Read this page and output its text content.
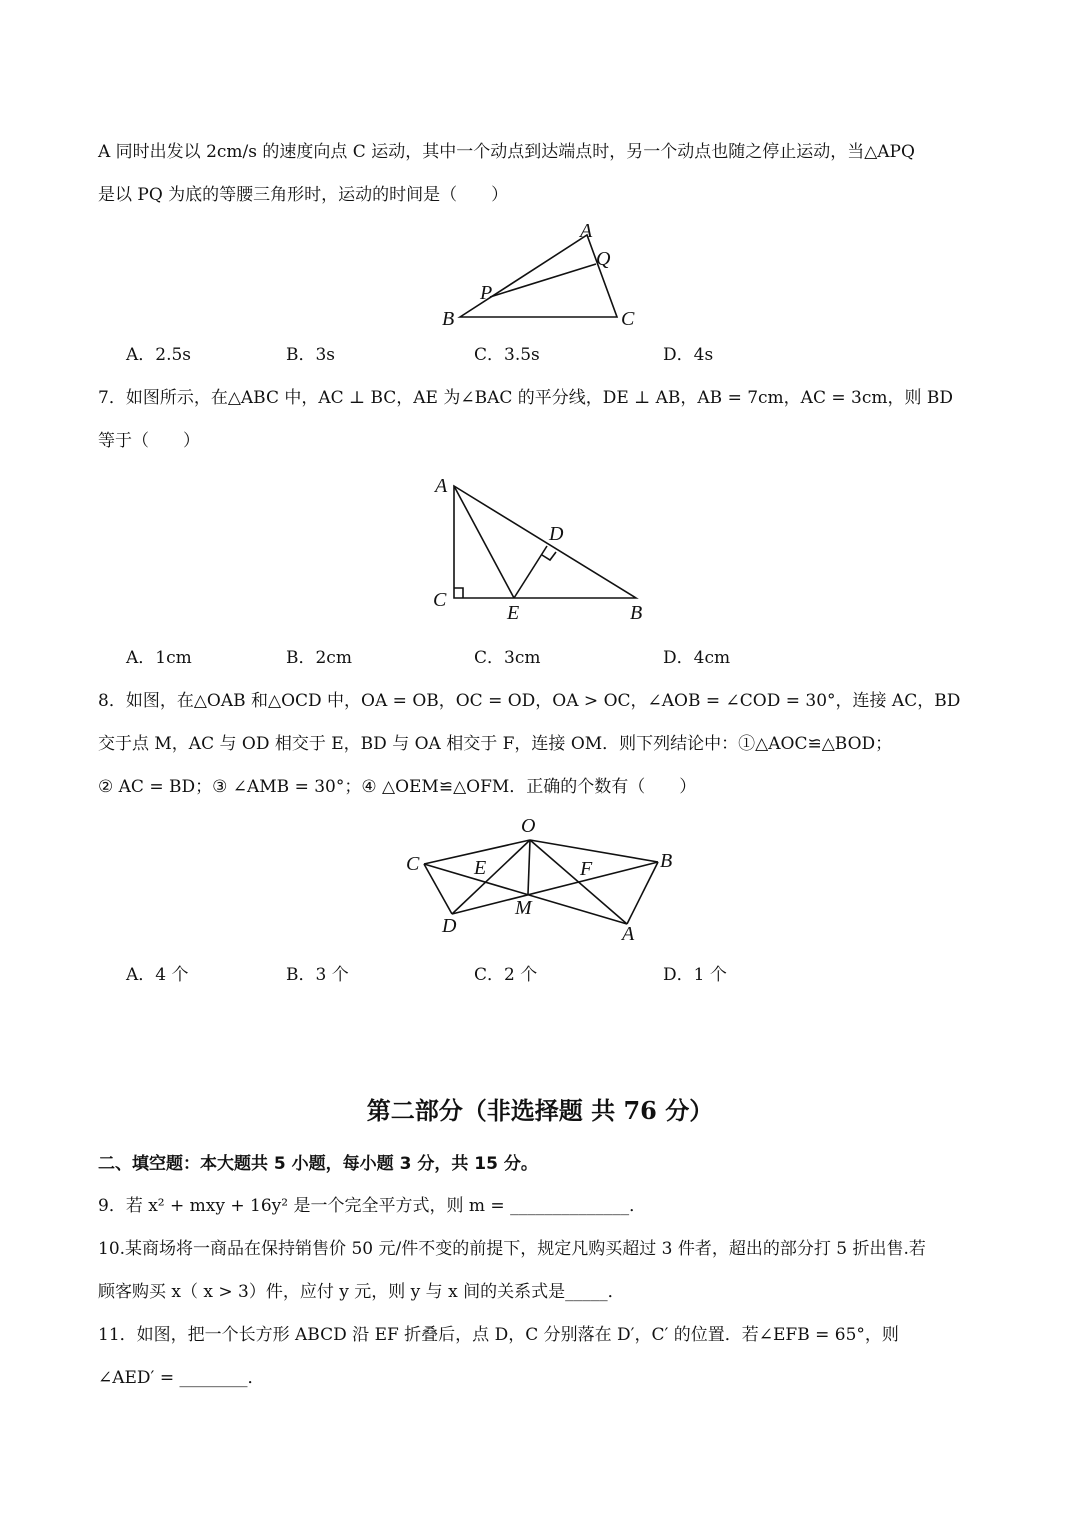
A 同时出发以 2cm/s 的速度向点 C 运动，其中一个动点到达端点时，另一个动点也随之停止运动，当△APQ
是以 PQ 为底的等腰三角形时，运动的时间是（　　）
A
Q
P
B	C
A．2.5s	B．3s	C．3.5s	D．4s
7．如图所示，在△ABC 中，AC ⊥ BC，AE 为∠BAC 的平分线，DE ⊥ AB，AB = 7cm，AC = 3cm，则 BD
等于（　　）
A
D
C
E	B
A．1cm	B．2cm	C．3cm	D．4cm
8．如图，在△OAB 和△OCD 中，OA = OB，OC = OD，OA > OC，∠AOB = ∠COD = 30°，连接 AC，BD
交于点 M，AC 与 OD 相交于 E，BD 与 OA 相交于 F，连接 OM．则下列结论中：①△AOC≌△BOD；
② AC = BD；③ ∠AMB = 30°；④ △OEM≌△OFM．正确的个数有（　　）
O
C	E	F	B
M
D	A
A．4 个	B．3 个	C．2 个	D．1 个
第二部分（非选择题 共 76 分）
二、填空题：本大题共 5 小题，每小题 3 分，共 15 分。
9．若 x² + mxy + 16y² 是一个完全平方式，则 m = ______________．
10.某商场将一商品在保持销售价 50 元/件不变的前提下，规定凡购买超过 3 件者，超出的部分打 5 折出售.若
顾客购买 x（ x > 3）件，应付 y 元，则 y 与 x 间的关系式是_____．
11．如图，把一个长方形 ABCD 沿 EF 折叠后，点 D，C 分别落在 D′，C′ 的位置．若∠EFB = 65°，则
∠AED′ = ________．
